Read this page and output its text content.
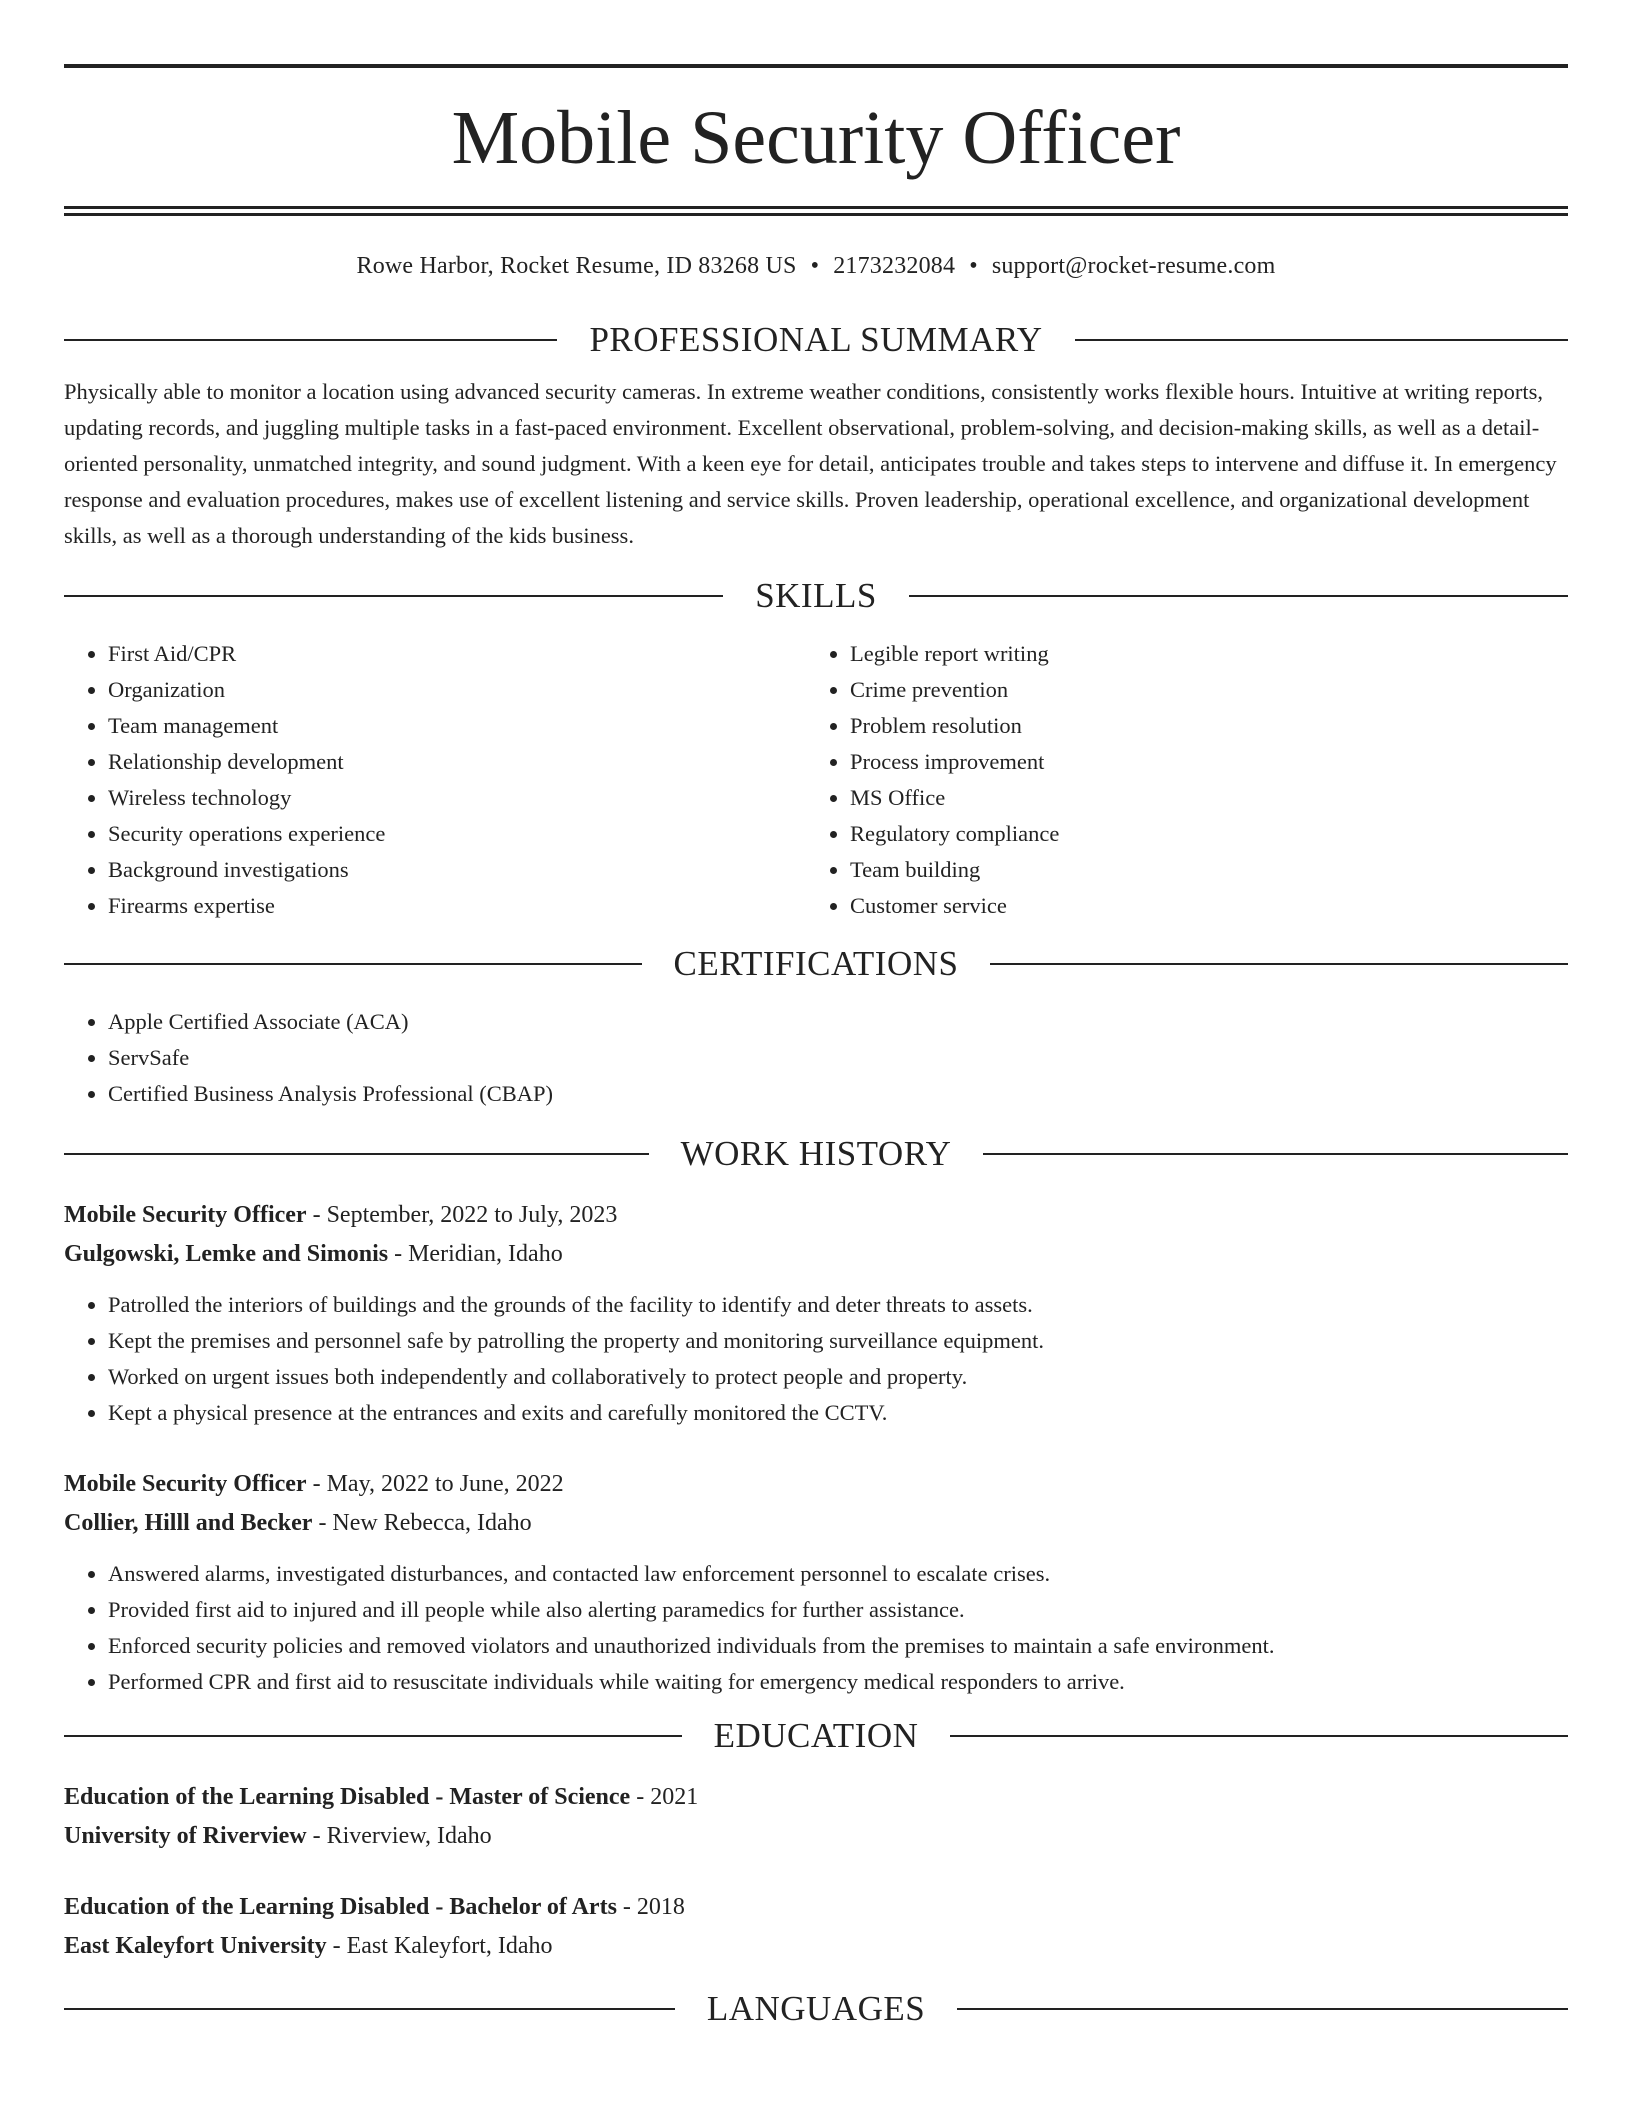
Mobile Security Officer
Rowe Harbor, Rocket Resume, ID 83268 US • 2173232084 • support@rocket-resume.com
PROFESSIONAL SUMMARY
Physically able to monitor a location using advanced security cameras. In extreme weather conditions, consistently works flexible hours. Intuitive at writing reports, updating records, and juggling multiple tasks in a fast-paced environment. Excellent observational, problem-solving, and decision-making skills, as well as a detail-oriented personality, unmatched integrity, and sound judgment. With a keen eye for detail, anticipates trouble and takes steps to intervene and diffuse it. In emergency response and evaluation procedures, makes use of excellent listening and service skills. Proven leadership, operational excellence, and organizational development skills, as well as a thorough understanding of the kids business.
SKILLS
• First Aid/CPR
• Organization
• Team management
• Relationship development
• Wireless technology
• Security operations experience
• Background investigations
• Firearms expertise
• Legible report writing
• Crime prevention
• Problem resolution
• Process improvement
• MS Office
• Regulatory compliance
• Team building
• Customer service
CERTIFICATIONS
• Apple Certified Associate (ACA)
• ServSafe
• Certified Business Analysis Professional (CBAP)
WORK HISTORY
Mobile Security Officer - September, 2022 to July, 2023
Gulgowski, Lemke and Simonis - Meridian, Idaho
• Patrolled the interiors of buildings and the grounds of the facility to identify and deter threats to assets.
• Kept the premises and personnel safe by patrolling the property and monitoring surveillance equipment.
• Worked on urgent issues both independently and collaboratively to protect people and property.
• Kept a physical presence at the entrances and exits and carefully monitored the CCTV.
Mobile Security Officer - May, 2022 to June, 2022
Collier, Hilll and Becker - New Rebecca, Idaho
• Answered alarms, investigated disturbances, and contacted law enforcement personnel to escalate crises.
• Provided first aid to injured and ill people while also alerting paramedics for further assistance.
• Enforced security policies and removed violators and unauthorized individuals from the premises to maintain a safe environment.
• Performed CPR and first aid to resuscitate individuals while waiting for emergency medical responders to arrive.
EDUCATION
Education of the Learning Disabled - Master of Science - 2021
University of Riverview - Riverview, Idaho
Education of the Learning Disabled - Bachelor of Arts - 2018
East Kaleyfort University - East Kaleyfort, Idaho
LANGUAGES
